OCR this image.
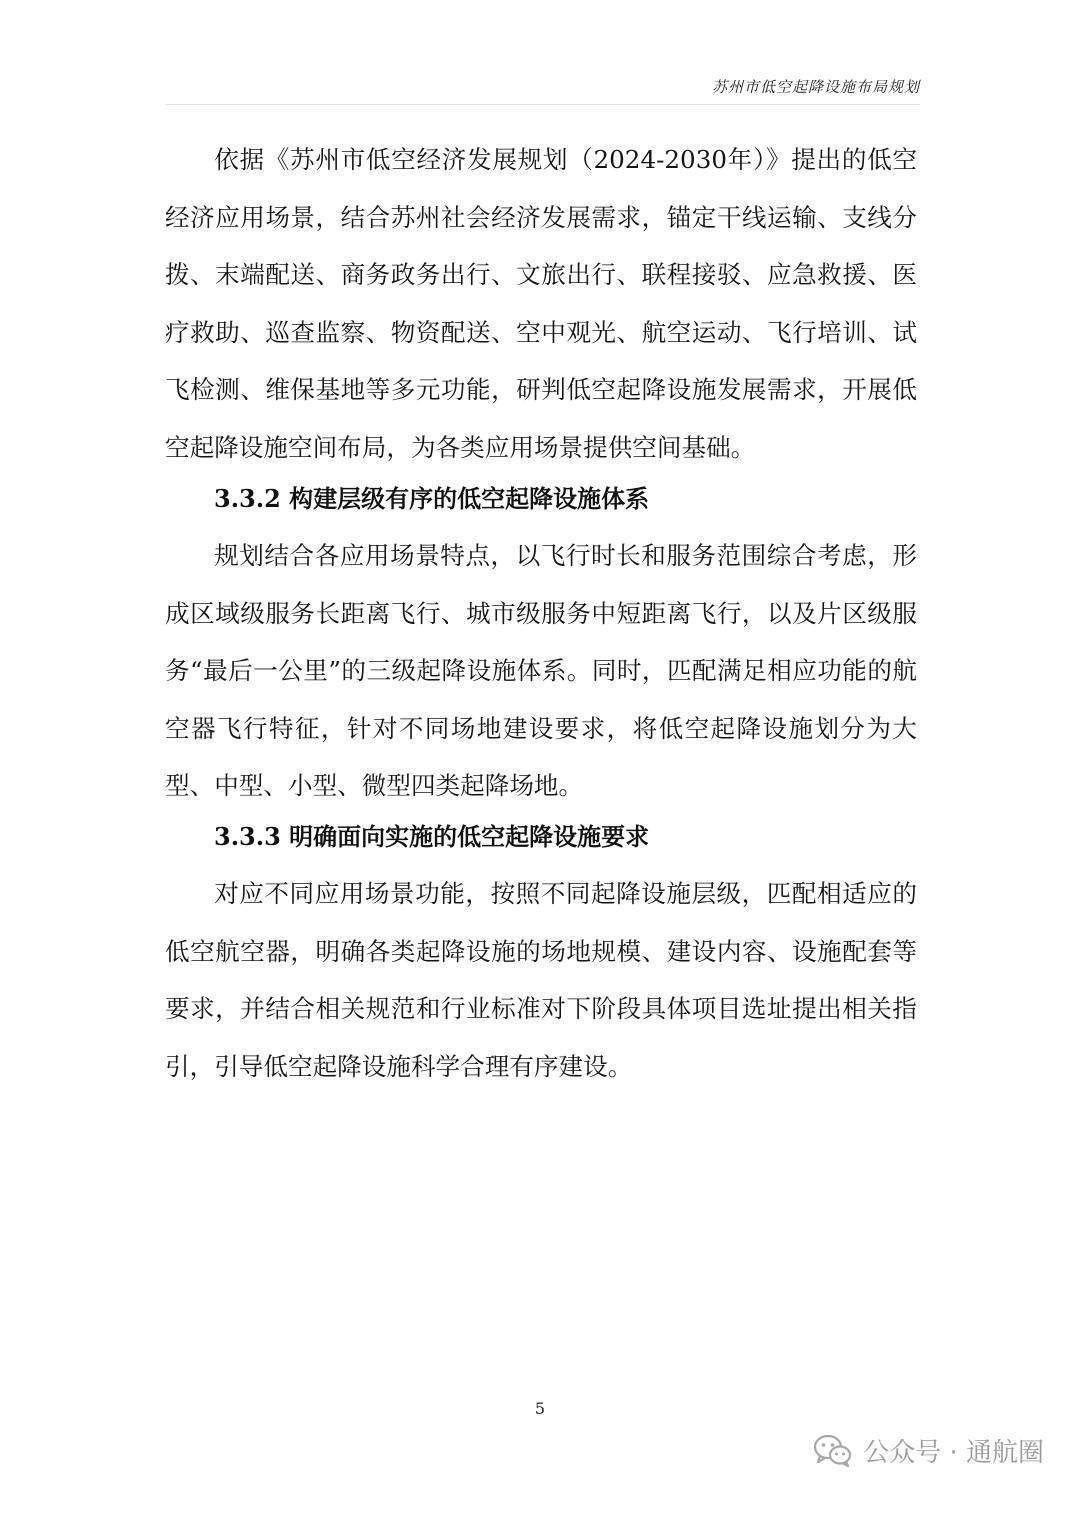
苏州市低空起降设施布局规划

依据《苏州市低空经济发展规划（2024-2030年）》提出的低空经济应用场景，结合苏州社会经济发展需求，锚定干线运输、支线分拨、末端配送、商务政务出行、文旅出行、联程接驳、应急救援、医疗救助、巡查监察、物资配送、空中观光、航空运动、飞行培训、试飞检测、维保基地等多元功能，研判低空起降设施发展需求，开展低空起降设施空间布局，为各类应用场景提供空间基础。

3.3.2 构建层级有序的低空起降设施体系

规划结合各应用场景特点，以飞行时长和服务范围综合考虑，形成区域级服务长距离飞行、城市级服务中短距离飞行，以及片区级服务“最后一公里”的三级起降设施体系。同时，匹配满足相应功能的航空器飞行特征，针对不同场地建设要求，将低空起降设施划分为大型、中型、小型、微型四类起降场地。

3.3.3 明确面向实施的低空起降设施要求

对应不同应用场景功能，按照不同起降设施层级，匹配相适应的低空航空器，明确各类起降设施的场地规模、建设内容、设施配套等要求，并结合相关规范和行业标准对下阶段具体项目选址提出相关指引，引导低空起降设施科学合理有序建设。

5
公众号 · 通航圈
